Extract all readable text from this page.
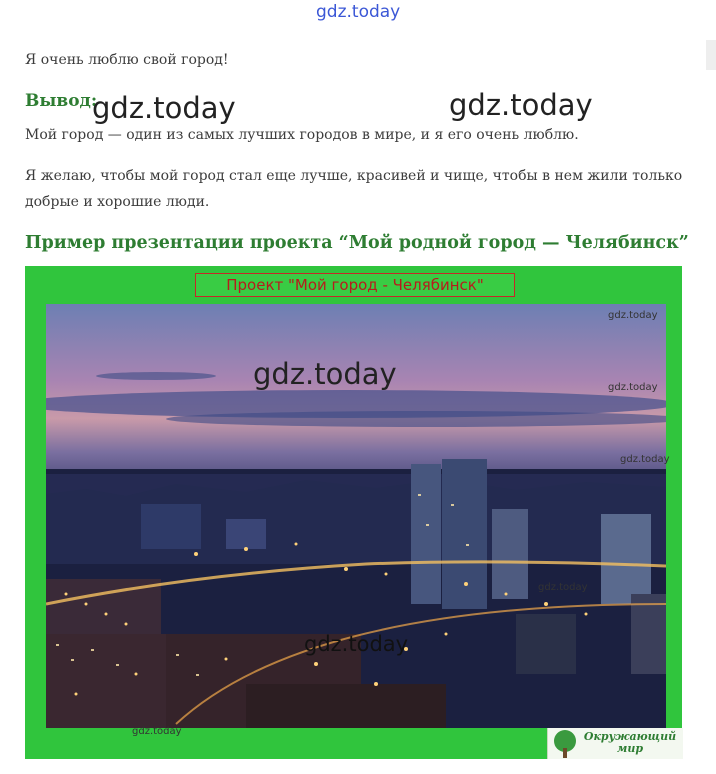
gdz.today
Я очень люблю свой город!
Вывод:
gdz.today	gdz.today
Мой город — один из самых лучших городов в мире, и я его очень люблю.
Я желаю, чтобы мой город стал еще лучше, красивей и чище, чтобы в нем жили только
добрые и хорошие люди.
Пример презентации проекта “Мой родной город — Челябинск”
Проект "Мой город - Челябинск"
Окружающий
мир
gdz.today
gdz.today
gdz.today
gdz.today
gdz.today
gdz.today
gdz.today
